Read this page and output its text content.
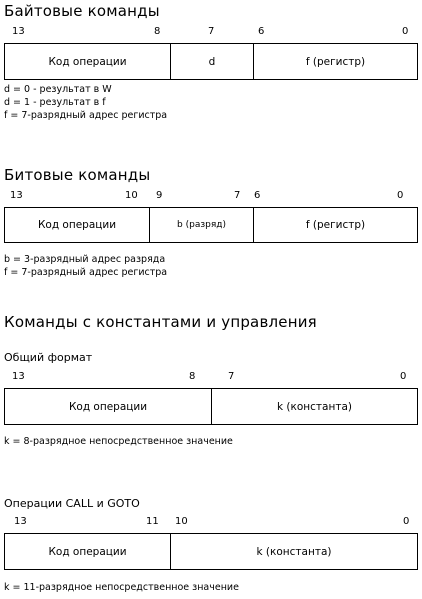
Байтовые команды
13	8	7	6	0
Код операции	d	f (регистр)
d = 0 - результат в W
d = 1 - результат в f
f = 7-разрядный адрес регистра
Битовые команды
13	10 9	7 6	0
Код операции	b (разряд)	f (регистр)
b = 3-разрядный адрес разряда
f = 7-разрядный адрес регистра
Команды с константами и управления
Общий формат
13	8	7	0
Код операции	k (константа)
k = 8-разрядное непосредственное значение
Операции CALL и GOTO
13	11 10	0
Код операции	k (константа)
k = 11-разрядное непосредственное значение
